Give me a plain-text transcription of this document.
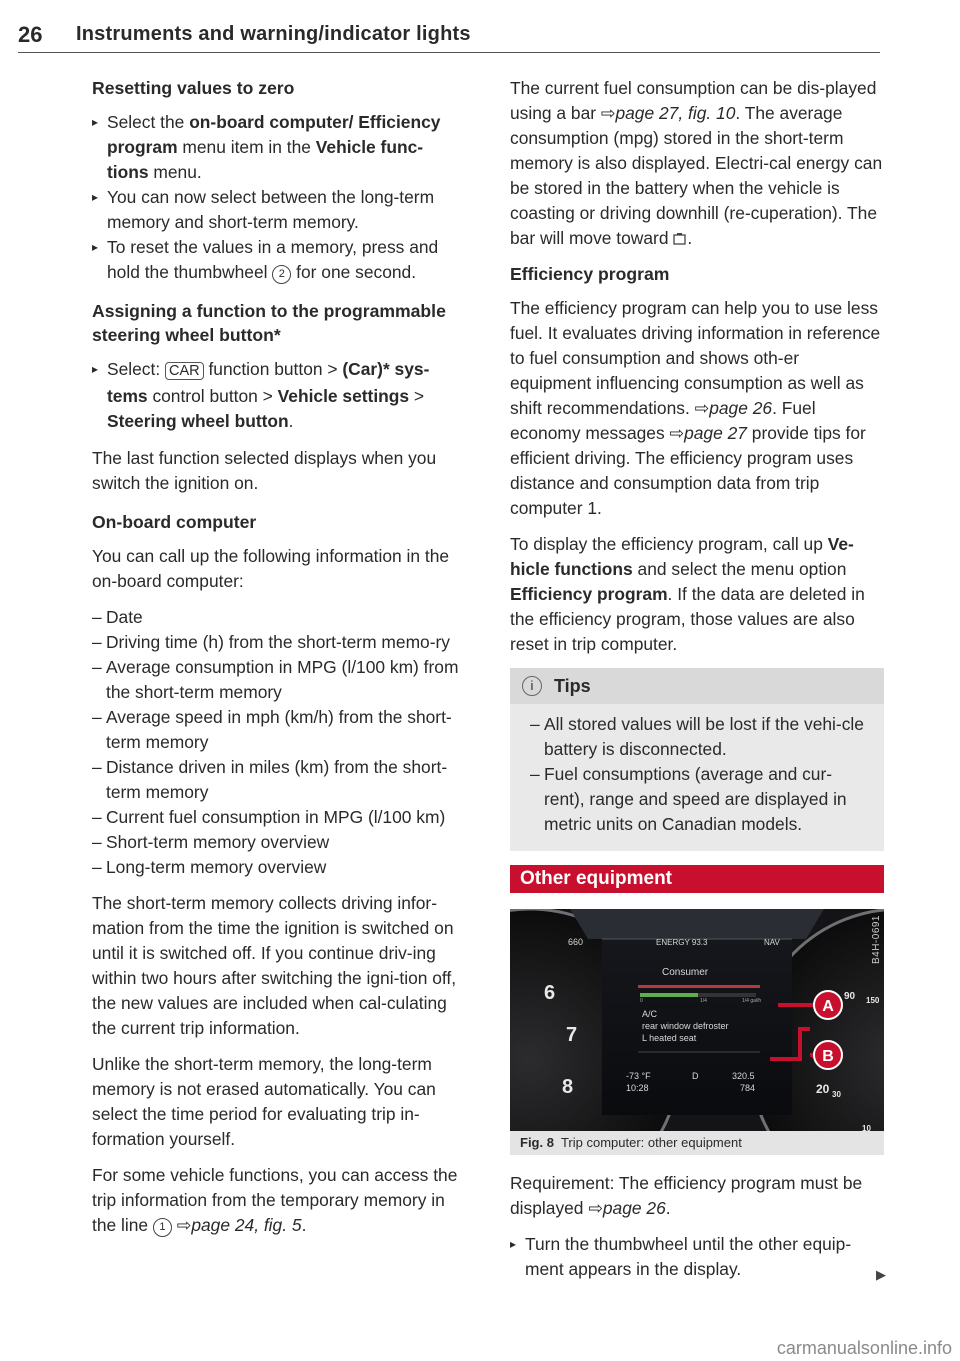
26 Instruments and warning/indicator lights
Resetting values to zero
▸ Select the on-board computer/ Efficiency program menu item in the Vehicle func-tions menu.
▸ You can now select between the long-term memory and short-term memory.
▸ To reset the values in a memory, press and hold the thumbwheel 2 for one second.
Assigning a function to the programmable steering wheel button*
▸ Select: CAR function button > (Car)* sys-tems control button > Vehicle settings > Steering wheel button.

The last function selected displays when you switch the ignition on.

On-board computer

You can call up the following information in the on-board computer:

– Date
– Driving time (h) from the short-term memo-ry
– Average consumption in MPG (l/100 km) from the short-term memory
– Average speed in mph (km/h) from the short-term memory
– Distance driven in miles (km) from the short-term memory
– Current fuel consumption in MPG (l/100 km)
– Short-term memory overview
– Long-term memory overview

The short-term memory collects driving infor-mation from the time the ignition is switched on until it is switched off. If you continue driv-ing within two hours after switching the igni-tion off, the new values are included when cal-culating the current trip information.

Unlike the short-term memory, the long-term memory is not erased automatically. You can select the time period for evaluating trip in-formation yourself.

For some vehicle functions, you can access the trip information from the temporary memory in the line 1 ⇨page 24, fig. 5.

The current fuel consumption can be dis-played using a bar ⇨page 27, fig. 10. The average consumption (mpg) stored in the short-term memory is also displayed. Electri-cal energy can be stored in the battery when the vehicle is coasting or driving downhill (re-cuperation). The bar will move toward .

Efficiency program

The efficiency program can help you to use less fuel. It evaluates driving information in reference to fuel consumption and shows oth-er equipment influencing consumption as well as shift recommendations. ⇨page 26. Fuel economy messages ⇨page 27 provide tips for efficient driving. The efficiency program uses distance and consumption data from trip computer 1.

To display the efficiency program, call up Ve-hicle functions and select the menu option Efficiency program. If the data are deleted in the efficiency program, those values are also reset in trip computer.

i Tips
– All stored values will be lost if the vehi-cle battery is disconnected.
– Fuel consumptions (average and cur-rent), range and speed are displayed in metric units on Canadian models.
Other equipment
660	ENERGY 93.3	NAV
Consumer
0	1/4	1/4 gal/h
A/C
rear window defroster
L heated seat
-73 °F
10:28
D	320.5
784
6
7
8
90 150
20 30
10
A
B
B4H-0691
Fig. 8 Trip computer: other equipment

Requirement: The efficiency program must be displayed ⇨page 26.

▸ Turn the thumbwheel until the other equip-ment appears in the display.	▶
carmanualsonline.info
